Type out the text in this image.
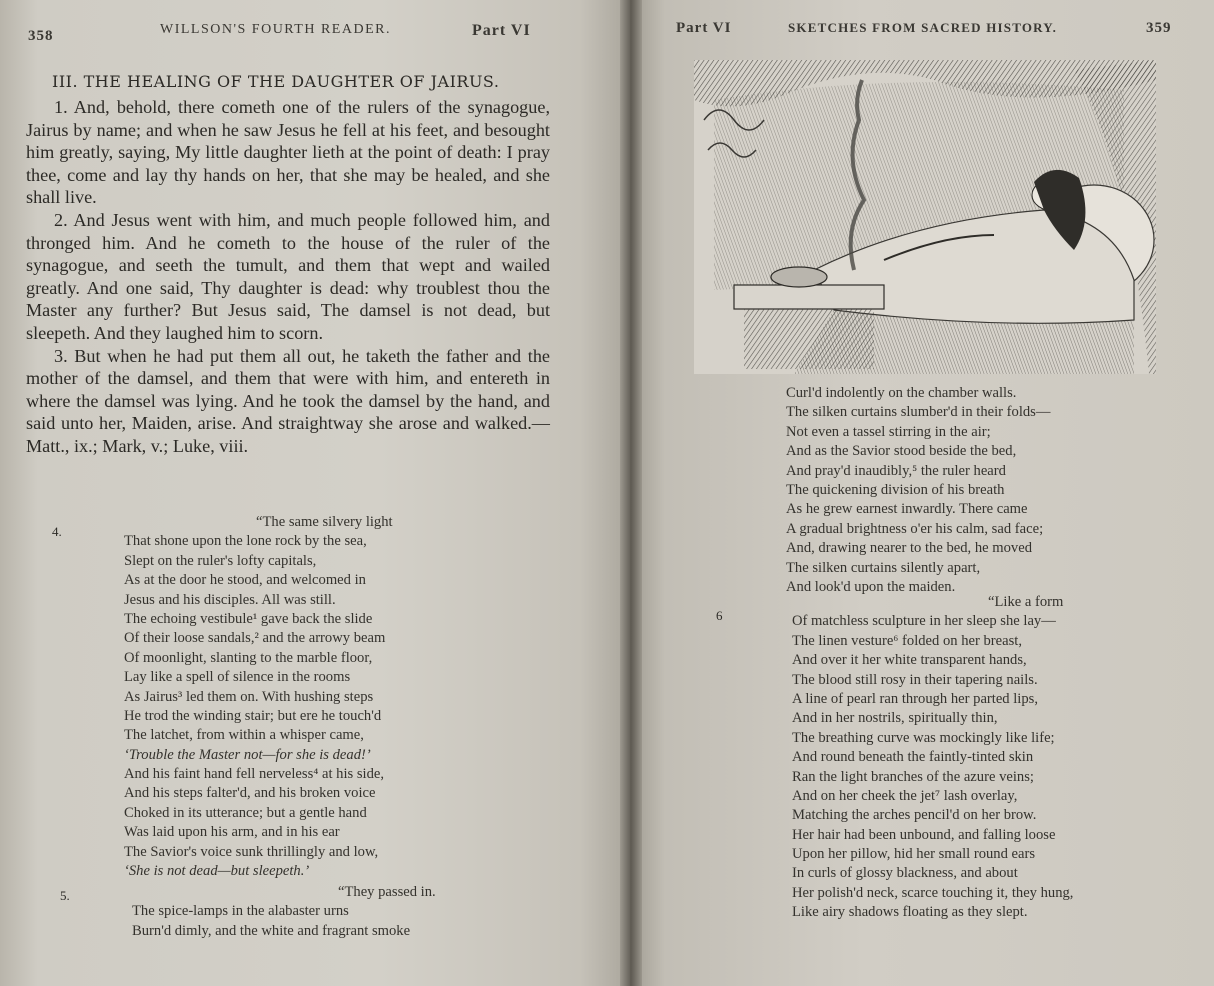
358	WILLSON'S FOURTH READER.	Part VI
III. THE HEALING OF THE DAUGHTER OF JAIRUS.

1. And, behold, there cometh one of the rulers of the synagogue, Jairus by name; and when he saw Jesus he fell at his feet, and besought him greatly, saying, My little daughter lieth at the point of death: I pray thee, come and lay thy hands on her, that she may be healed, and she shall live.

2. And Jesus went with him, and much people followed him, and thronged him. And he cometh to the house of the ruler of the synagogue, and seeth the tumult, and them that wept and wailed greatly. And one said, Thy daughter is dead: why troublest thou the Master any further? But Jesus said, The damsel is not dead, but sleepeth. And they laughed him to scorn.

3. But when he had put them all out, he taketh the father and the mother of the damsel, and them that were with him, and entereth in where the damsel was lying. And he took the damsel by the hand, and said unto her, Maiden, arise. And straightway she arose and walked.—Matt., ix.; Mark, v.; Luke, viii.

4.
“The same silvery light
That shone upon the lone rock by the sea,
Slept on the ruler's lofty capitals,
As at the door he stood, and welcomed in
Jesus and his disciples. All was still.
The echoing vestibule¹ gave back the slide
Of their loose sandals,² and the arrowy beam
Of moonlight, slanting to the marble floor,
Lay like a spell of silence in the rooms
As Jairus³ led them on. With hushing steps
He trod the winding stair; but ere he touch'd
The latchet, from within a whisper came,
‘Trouble the Master not—for she is dead!’
And his faint hand fell nerveless⁴ at his side,
And his steps falter'd, and his broken voice
Choked in its utterance; but a gentle hand
Was laid upon his arm, and in his ear
The Savior's voice sunk thrillingly and low,
‘She is not dead—but sleepeth.’
5.	“They passed in.
The spice-lamps in the alabaster urns
Burn'd dimly, and the white and fragrant smoke
Part VI	SKETCHES FROM SACRED HISTORY.	359
Curl'd indolently on the chamber walls.
The silken curtains slumber'd in their folds—
Not even a tassel stirring in the air;
And as the Savior stood beside the bed,
And pray'd inaudibly,⁵ the ruler heard
The quickening division of his breath
As he grew earnest inwardly. There came
A gradual brightness o'er his calm, sad face;
And, drawing nearer to the bed, he moved
The silken curtains silently apart,
And look'd upon the maiden.
6
“Like a form
Of matchless sculpture in her sleep she lay—
The linen vesture⁶ folded on her breast,
And over it her white transparent hands,
The blood still rosy in their tapering nails.
A line of pearl ran through her parted lips,
And in her nostrils, spiritually thin,
The breathing curve was mockingly like life;
And round beneath the faintly-tinted skin
Ran the light branches of the azure veins;
And on her cheek the jet⁷ lash overlay,
Matching the arches pencil'd on her brow.
Her hair had been unbound, and falling loose
Upon her pillow, hid her small round ears
In curls of glossy blackness, and about
Her polish'd neck, scarce touching it, they hung,
Like airy shadows floating as they slept.
